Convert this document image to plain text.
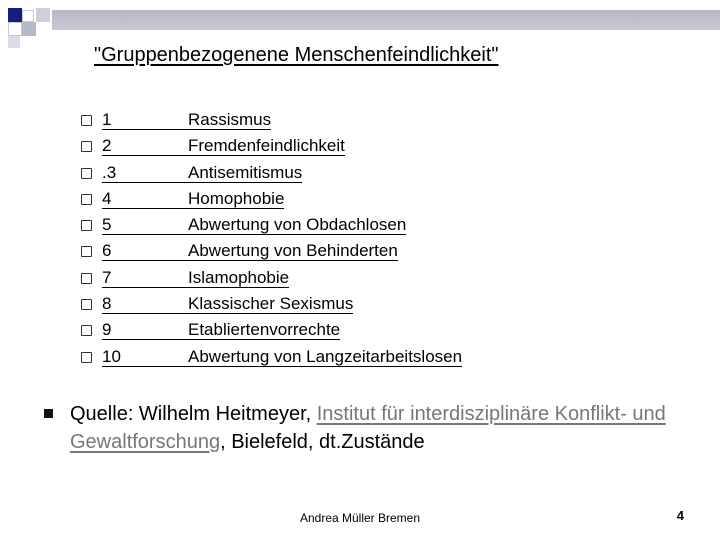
"Gruppenbezogenene Menschenfeindlichkeit"
1	Rassismus
2	Fremdenfeindlichkeit
.3	Antisemitismus
4	Homophobie
5	Abwertung von Obdachlosen
6	Abwertung von Behinderten
7	Islamophobie
8	Klassischer Sexismus
9	Etabliertenvorrechte
10	Abwertung von Langzeitarbeitslosen
Quelle: Wilhelm Heitmeyer, Institut für interdisziplinäre Konflikt- und Gewaltforschung, Bielefeld, dt.Zustände
Andrea Müller Bremen	4
